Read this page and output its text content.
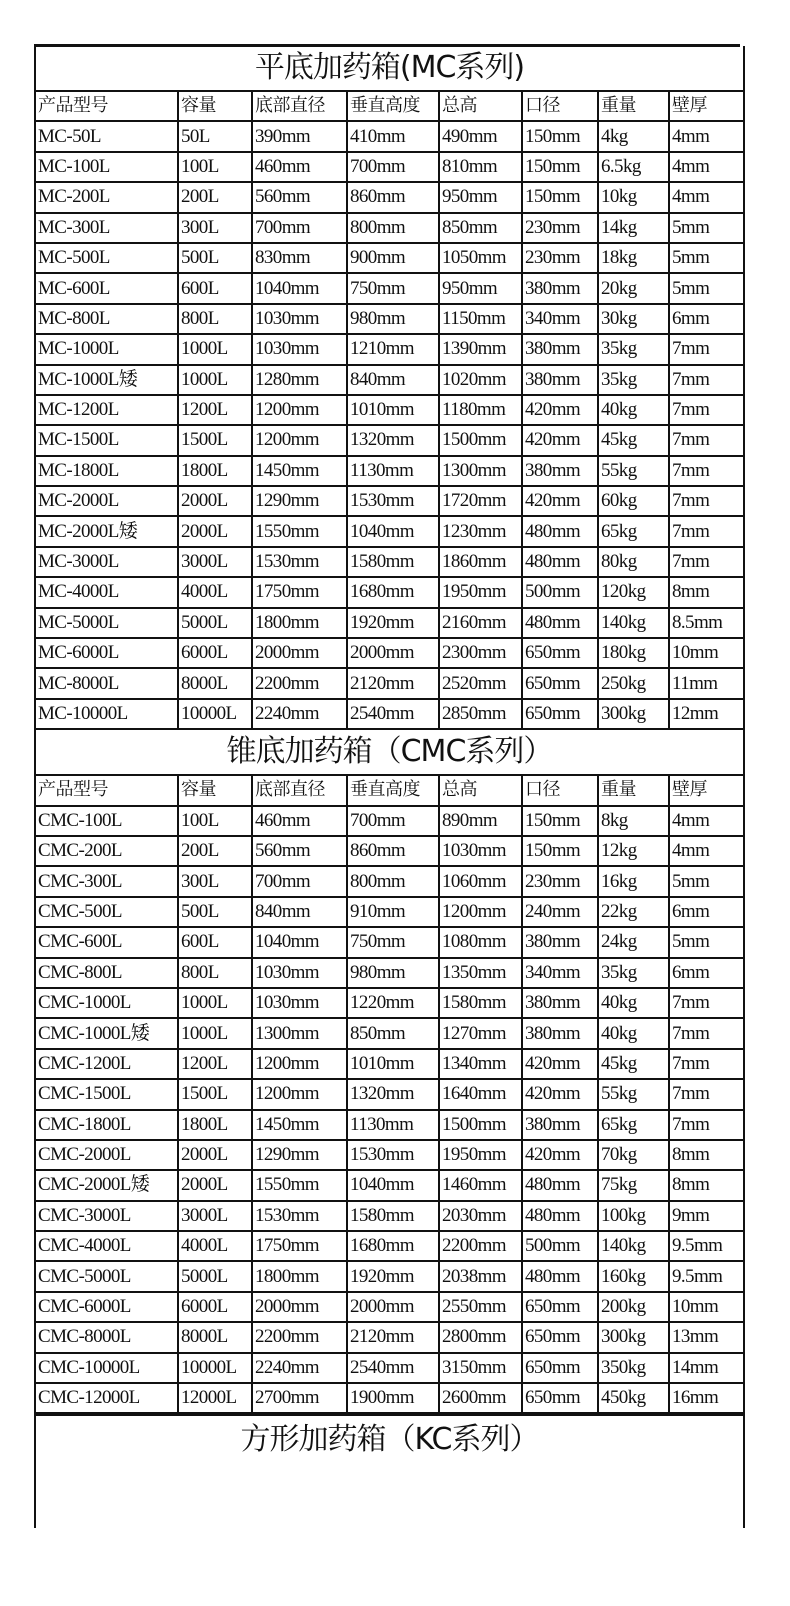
平底加药箱(MC系列)							
产品型号	容量	底部直径	垂直高度	总高	口径	重量	壁厚
MC-50L	50L	390mm	410mm	490mm	150mm	4kg	4mm
MC-100L	100L	460mm	700mm	810mm	150mm	6.5kg	4mm
MC-200L	200L	560mm	860mm	950mm	150mm	10kg	4mm
MC-300L	300L	700mm	800mm	850mm	230mm	14kg	5mm
MC-500L	500L	830mm	900mm	1050mm	230mm	18kg	5mm
MC-600L	600L	1040mm	750mm	950mm	380mm	20kg	5mm
MC-800L	800L	1030mm	980mm	1150mm	340mm	30kg	6mm
MC-1000L	1000L	1030mm	1210mm	1390mm	380mm	35kg	7mm
MC-1000L矮	1000L	1280mm	840mm	1020mm	380mm	35kg	7mm
MC-1200L	1200L	1200mm	1010mm	1180mm	420mm	40kg	7mm
MC-1500L	1500L	1200mm	1320mm	1500mm	420mm	45kg	7mm
MC-1800L	1800L	1450mm	1130mm	1300mm	380mm	55kg	7mm
MC-2000L	2000L	1290mm	1530mm	1720mm	420mm	60kg	7mm
MC-2000L矮	2000L	1550mm	1040mm	1230mm	480mm	65kg	7mm
MC-3000L	3000L	1530mm	1580mm	1860mm	480mm	80kg	7mm
MC-4000L	4000L	1750mm	1680mm	1950mm	500mm	120kg	8mm
MC-5000L	5000L	1800mm	1920mm	2160mm	480mm	140kg	8.5mm
MC-6000L	6000L	2000mm	2000mm	2300mm	650mm	180kg	10mm
MC-8000L	8000L	2200mm	2120mm	2520mm	650mm	250kg	11mm
MC-10000L	10000L	2240mm	2540mm	2850mm	650mm	300kg	12mm
锥底加药箱（CMC系列）							
产品型号	容量	底部直径	垂直高度	总高	口径	重量	壁厚
CMC-100L	100L	460mm	700mm	890mm	150mm	8kg	4mm
CMC-200L	200L	560mm	860mm	1030mm	150mm	12kg	4mm
CMC-300L	300L	700mm	800mm	1060mm	230mm	16kg	5mm
CMC-500L	500L	840mm	910mm	1200mm	240mm	22kg	6mm
CMC-600L	600L	1040mm	750mm	1080mm	380mm	24kg	5mm
CMC-800L	800L	1030mm	980mm	1350mm	340mm	35kg	6mm
CMC-1000L	1000L	1030mm	1220mm	1580mm	380mm	40kg	7mm
CMC-1000L矮	1000L	1300mm	850mm	1270mm	380mm	40kg	7mm
CMC-1200L	1200L	1200mm	1010mm	1340mm	420mm	45kg	7mm
CMC-1500L	1500L	1200mm	1320mm	1640mm	420mm	55kg	7mm
CMC-1800L	1800L	1450mm	1130mm	1500mm	380mm	65kg	7mm
CMC-2000L	2000L	1290mm	1530mm	1950mm	420mm	70kg	8mm
CMC-2000L矮	2000L	1550mm	1040mm	1460mm	480mm	75kg	8mm
CMC-3000L	3000L	1530mm	1580mm	2030mm	480mm	100kg	9mm
CMC-4000L	4000L	1750mm	1680mm	2200mm	500mm	140kg	9.5mm
CMC-5000L	5000L	1800mm	1920mm	2038mm	480mm	160kg	9.5mm
CMC-6000L	6000L	2000mm	2000mm	2550mm	650mm	200kg	10mm
CMC-8000L	8000L	2200mm	2120mm	2800mm	650mm	300kg	13mm
CMC-10000L	10000L	2240mm	2540mm	3150mm	650mm	350kg	14mm
CMC-12000L	12000L	2700mm	1900mm	2600mm	650mm	450kg	16mm
方形加药箱（KC系列）
